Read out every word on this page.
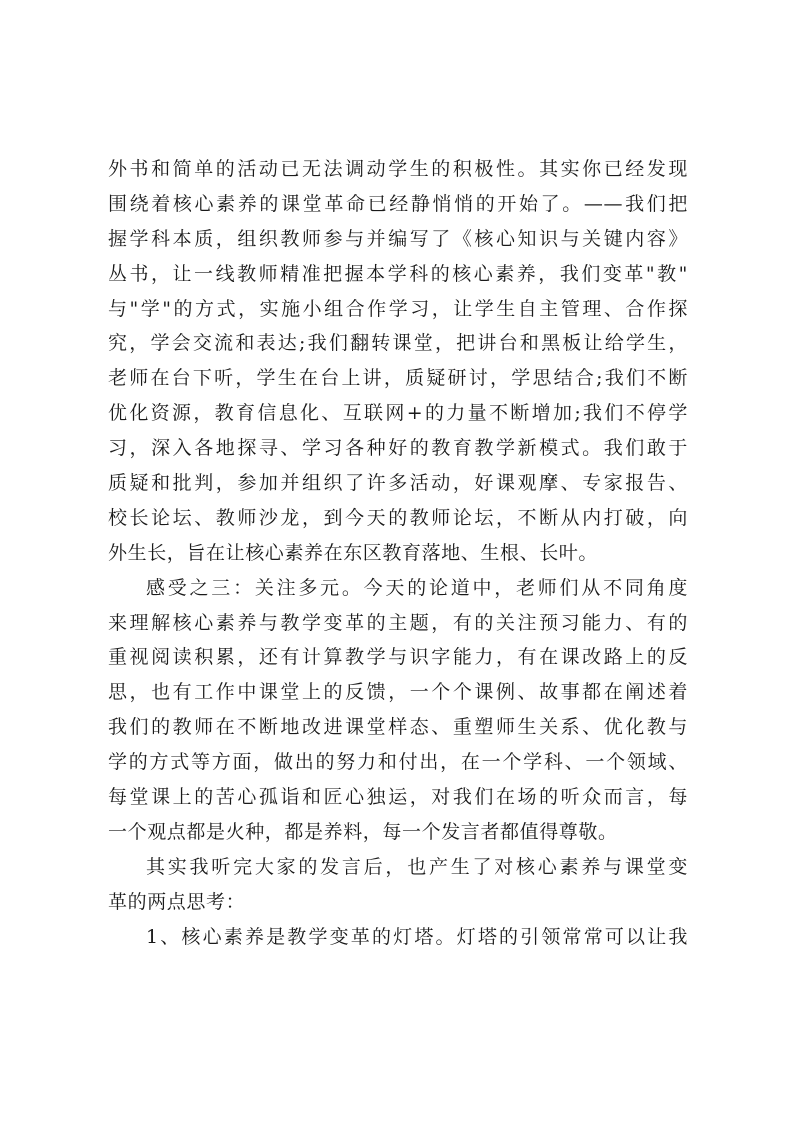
外书和简单的活动已无法调动学生的积极性。其实你已经发现
围绕着核心素养的课堂革命已经静悄悄的开始了。——我们把
握学科本质，组织教师参与并编写了《核心知识与关键内容》
丛书，让一线教师精准把握本学科的核心素养，我们变革"教"
与"学"的方式，实施小组合作学习，让学生自主管理、合作探
究，学会交流和表达;我们翻转课堂，把讲台和黑板让给学生，
老师在台下听，学生在台上讲，质疑研讨，学思结合;我们不断
优化资源，教育信息化、互联网+的力量不断增加;我们不停学
习，深入各地探寻、学习各种好的教育教学新模式。我们敢于
质疑和批判，参加并组织了许多活动，好课观摩、专家报告、
校长论坛、教师沙龙，到今天的教师论坛，不断从内打破，向
外生长，旨在让核心素养在东区教育落地、生根、长叶。
感受之三：关注多元。今天的论道中，老师们从不同角度
来理解核心素养与教学变革的主题，有的关注预习能力、有的
重视阅读积累，还有计算教学与识字能力，有在课改路上的反
思，也有工作中课堂上的反馈，一个个课例、故事都在阐述着
我们的教师在不断地改进课堂样态、重塑师生关系、优化教与
学的方式等方面，做出的努力和付出，在一个学科、一个领域、
每堂课上的苦心孤诣和匠心独运，对我们在场的听众而言，每
一个观点都是火种，都是养料，每一个发言者都值得尊敬。
其实我听完大家的发言后，也产生了对核心素养与课堂变
革的两点思考：
1、核心素养是教学变革的灯塔。灯塔的引领常常可以让我
